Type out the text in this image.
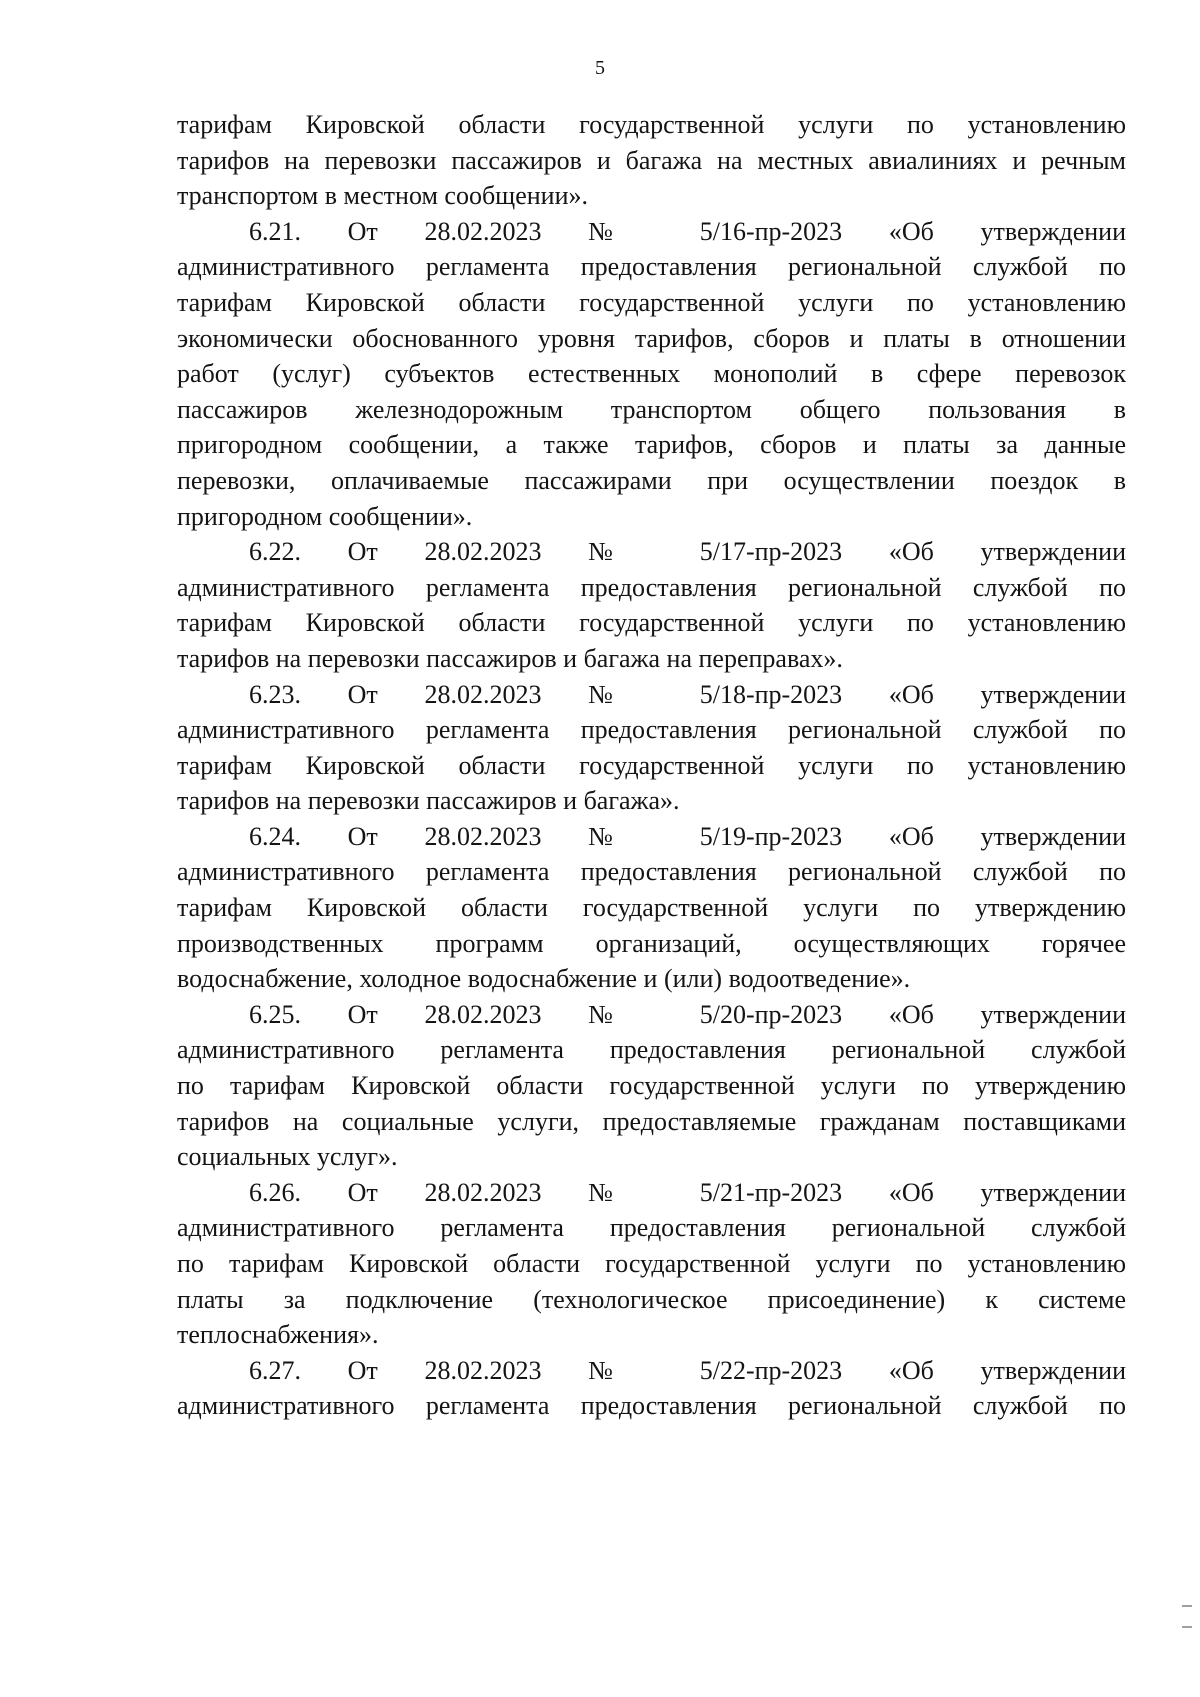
5
тарифам Кировской области государственной услуги по установлению
тарифов на перевозки пассажиров и багажа на местных авиалиниях и речным
транспортом в местном сообщении».
6.21. От 28.02.2023 № 5/16-пр-2023 «Об утверждении
административного регламента предоставления региональной службой по
тарифам Кировской области государственной услуги по установлению
экономически обоснованного уровня тарифов, сборов и платы в отношении
работ (услуг) субъектов естественных монополий в сфере перевозок
пассажиров железнодорожным транспортом общего пользования в
пригородном сообщении, а также тарифов, сборов и платы за данные
перевозки, оплачиваемые пассажирами при осуществлении поездок в
пригородном сообщении».
6.22. От 28.02.2023 № 5/17-пр-2023 «Об утверждении
административного регламента предоставления региональной службой по
тарифам Кировской области государственной услуги по установлению
тарифов на перевозки пассажиров и багажа на переправах».
6.23. От 28.02.2023 № 5/18-пр-2023 «Об утверждении
административного регламента предоставления региональной службой по
тарифам Кировской области государственной услуги по установлению
тарифов на перевозки пассажиров и багажа».
6.24. От 28.02.2023 № 5/19-пр-2023 «Об утверждении
административного регламента предоставления региональной службой по
тарифам Кировской области государственной услуги по утверждению
производственных программ организаций, осуществляющих горячее
водоснабжение, холодное водоснабжение и (или) водоотведение».
6.25. От 28.02.2023 № 5/20-пр-2023 «Об утверждении
административного регламента предоставления региональной службой
по тарифам Кировской области государственной услуги по утверждению
тарифов на социальные услуги, предоставляемые гражданам поставщиками
социальных услуг».
6.26. От 28.02.2023 № 5/21-пр-2023 «Об утверждении
административного регламента предоставления региональной службой
по тарифам Кировской области государственной услуги по установлению
платы за подключение (технологическое присоединение) к системе
теплоснабжения».
6.27. От 28.02.2023 № 5/22-пр-2023 «Об утверждении
административного регламента предоставления региональной службой по
